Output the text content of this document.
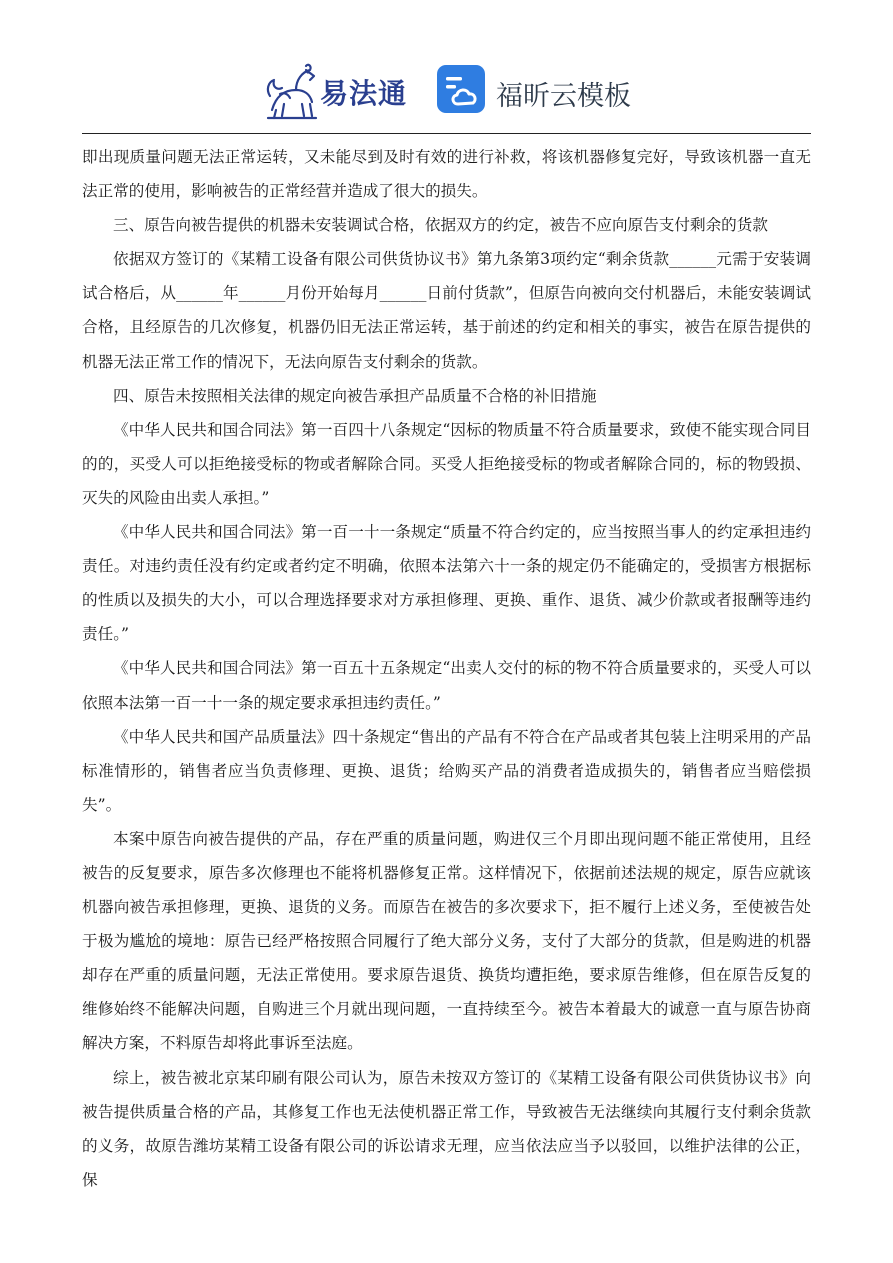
易法通	福昕云模板

即出现质量问题无法正常运转，又未能尽到及时有效的进行补救，将该机器修复完好，导致该机器一直无法正常的使用，影响被告的正常经营并造成了很大的损失。

三、原告向被告提供的机器未安装调试合格，依据双方的约定，被告不应向原告支付剩余的货款

依据双方签订的《某精工设备有限公司供货协议书》第九条第3项约定“剩余货款______元需于安装调试合格后，从______年______月份开始每月______日前付货款”，但原告向被向交付机器后，未能安装调试合格，且经原告的几次修复，机器仍旧无法正常运转，基于前述的约定和相关的事实，被告在原告提供的机器无法正常工作的情况下，无法向原告支付剩余的货款。

四、原告未按照相关法律的规定向被告承担产品质量不合格的补旧措施

《中华人民共和国合同法》第一百四十八条规定“因标的物质量不符合质量要求，致使不能实现合同目的的，买受人可以拒绝接受标的物或者解除合同。买受人拒绝接受标的物或者解除合同的，标的物毁损、灭失的风险由出卖人承担。”

《中华人民共和国合同法》第一百一十一条规定“质量不符合约定的，应当按照当事人的约定承担违约责任。对违约责任没有约定或者约定不明确，依照本法第六十一条的规定仍不能确定的，受损害方根据标的性质以及损失的大小，可以合理选择要求对方承担修理、更换、重作、退货、减少价款或者报酬等违约责任。”

《中华人民共和国合同法》第一百五十五条规定“出卖人交付的标的物不符合质量要求的，买受人可以依照本法第一百一十一条的规定要求承担违约责任。”

《中华人民共和国产品质量法》四十条规定“售出的产品有不符合在产品或者其包装上注明采用的产品标准情形的，销售者应当负责修理、更换、退货；给购买产品的消费者造成损失的，销售者应当赔偿损失”。

本案中原告向被告提供的产品，存在严重的质量问题，购进仅三个月即出现问题不能正常使用，且经被告的反复要求，原告多次修理也不能将机器修复正常。这样情况下，依据前述法规的规定，原告应就该机器向被告承担修理，更换、退货的义务。而原告在被告的多次要求下，拒不履行上述义务，至使被告处于极为尴尬的境地：原告已经严格按照合同履行了绝大部分义务，支付了大部分的货款，但是购进的机器却存在严重的质量问题，无法正常使用。要求原告退货、换货均遭拒绝，要求原告维修，但在原告反复的维修始终不能解决问题，自购进三个月就出现问题，一直持续至今。被告本着最大的诚意一直与原告协商解决方案，不料原告却将此事诉至法庭。

综上，被告被北京某印刷有限公司认为，原告未按双方签订的《某精工设备有限公司供货协议书》向被告提供质量合格的产品，其修复工作也无法使机器正常工作，导致被告无法继续向其履行支付剩余货款的义务，故原告潍坊某精工设备有限公司的诉讼请求无理，应当依法应当予以驳回，以维护法律的公正，保
